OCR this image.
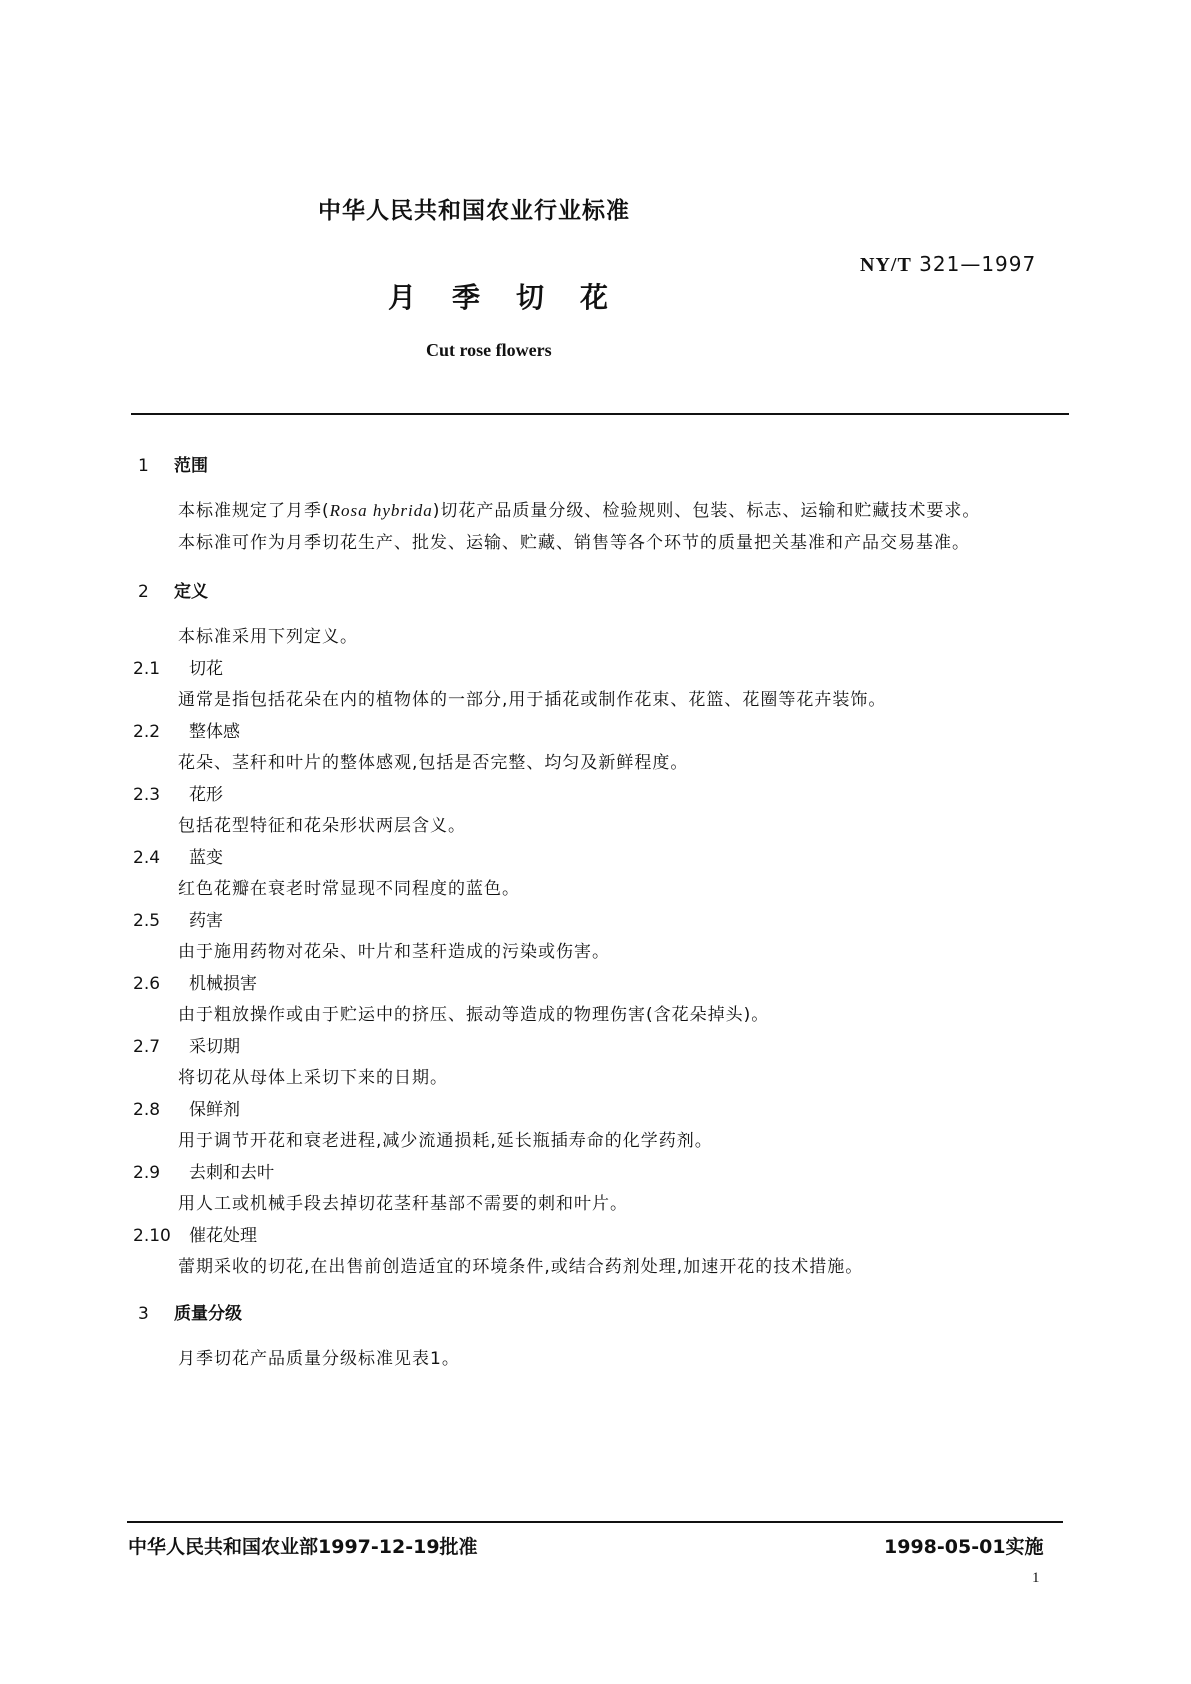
中华人民共和国农业行业标准
NY/T 321—1997
月季切花
Cut rose flowers
1 范围
本标准规定了月季(Rosa hybrida)切花产品质量分级、检验规则、包装、标志、运输和贮藏技术要求。
本标准可作为月季切花生产、批发、运输、贮藏、销售等各个环节的质量把关基准和产品交易基准。
2 定义
本标准采用下列定义。
2.1 切花
通常是指包括花朵在内的植物体的一部分,用于插花或制作花束、花篮、花圈等花卉装饰。
2.2 整体感
花朵、茎秆和叶片的整体感观,包括是否完整、均匀及新鲜程度。
2.3 花形
包括花型特征和花朵形状两层含义。
2.4 蓝变
红色花瓣在衰老时常显现不同程度的蓝色。
2.5 药害
由于施用药物对花朵、叶片和茎秆造成的污染或伤害。
2.6 机械损害
由于粗放操作或由于贮运中的挤压、振动等造成的物理伤害(含花朵掉头)。
2.7 采切期
将切花从母体上采切下来的日期。
2.8 保鲜剂
用于调节开花和衰老进程,减少流通损耗,延长瓶插寿命的化学药剂。
2.9 去刺和去叶
用人工或机械手段去掉切花茎秆基部不需要的刺和叶片。
2.10 催花处理
蕾期采收的切花,在出售前创造适宜的环境条件,或结合药剂处理,加速开花的技术措施。
3 质量分级
月季切花产品质量分级标准见表1。
中华人民共和国农业部1997-12-19批准	1998-05-01实施
1
